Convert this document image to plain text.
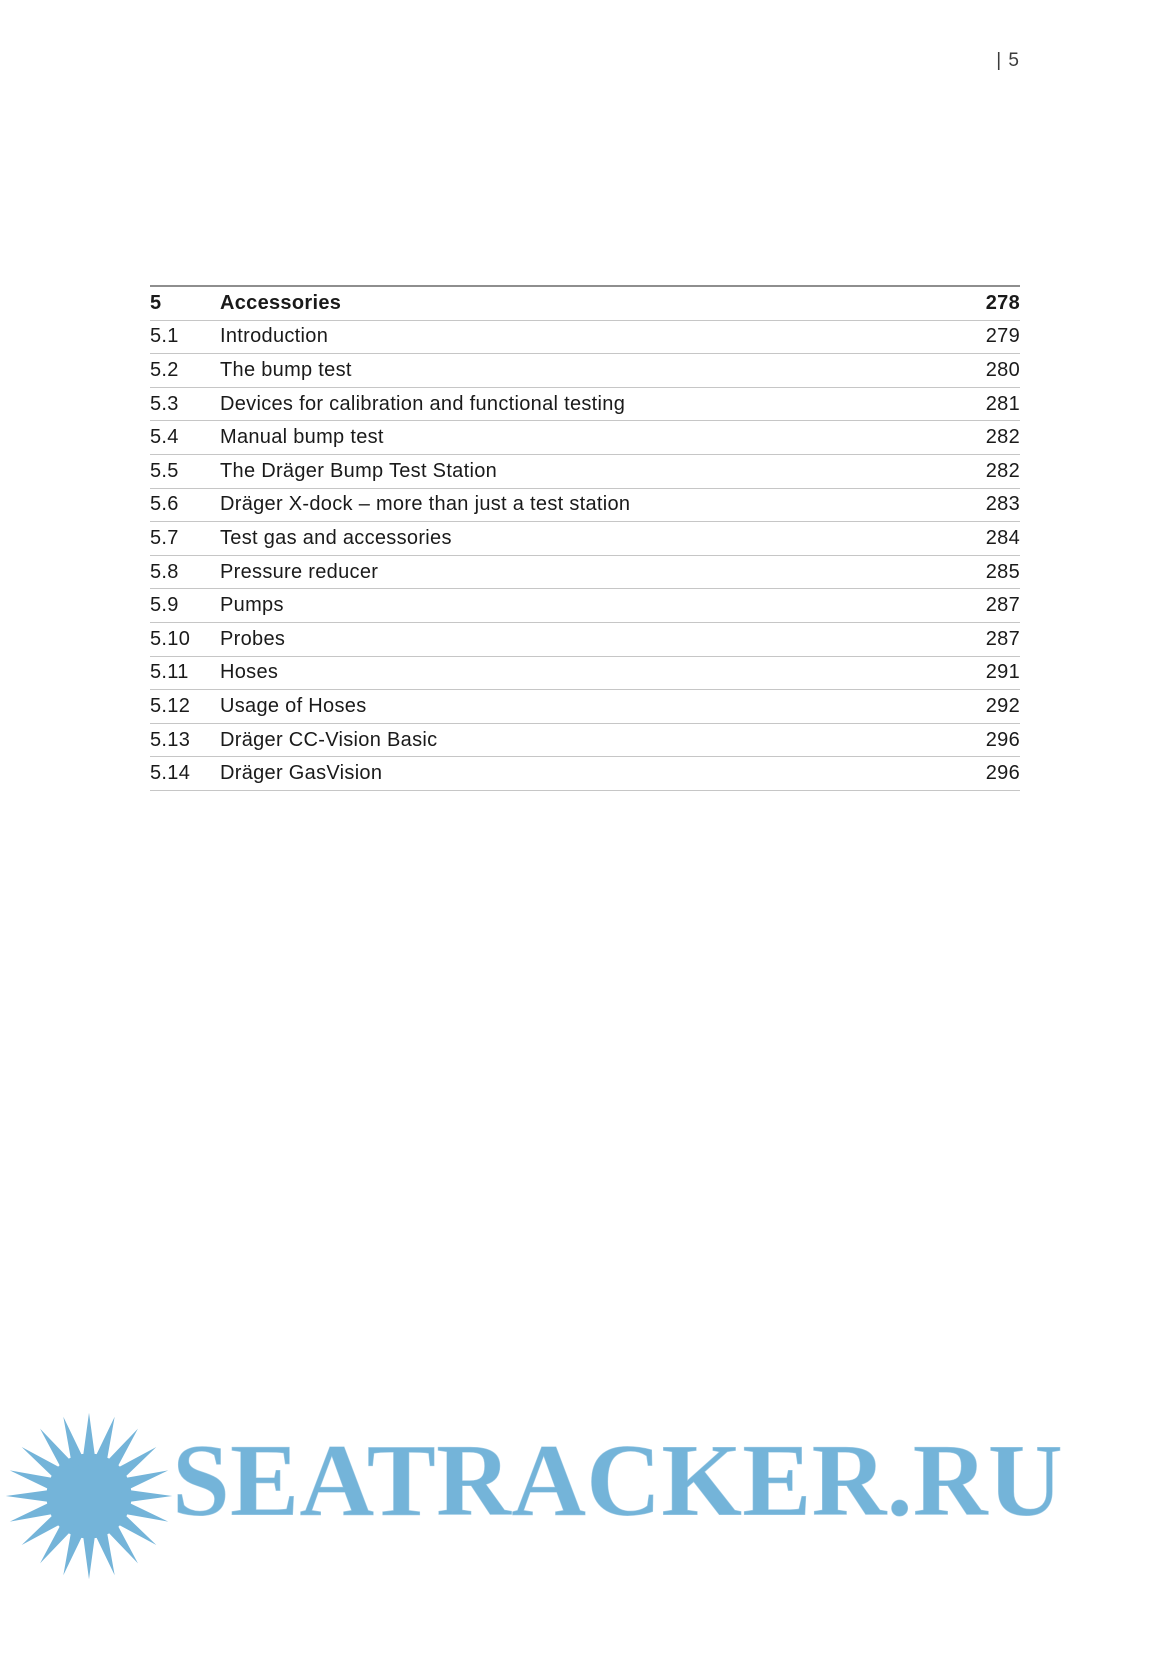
| 5
5	Accessories	278
5.1	Introduction	279
5.2	The bump test	280
5.3	Devices for calibration and functional testing	281
5.4	Manual bump test	282
5.5	The Dräger Bump Test Station	282
5.6	Dräger X-dock – more than just a test station	283
5.7	Test gas and accessories	284
5.8	Pressure reducer	285
5.9	Pumps	287
5.10	Probes	287
5.11	Hoses	291
5.12	Usage of Hoses	292
5.13	Dräger CC-Vision Basic	296
5.14	Dräger GasVision	296
SEATRACKER.RU
